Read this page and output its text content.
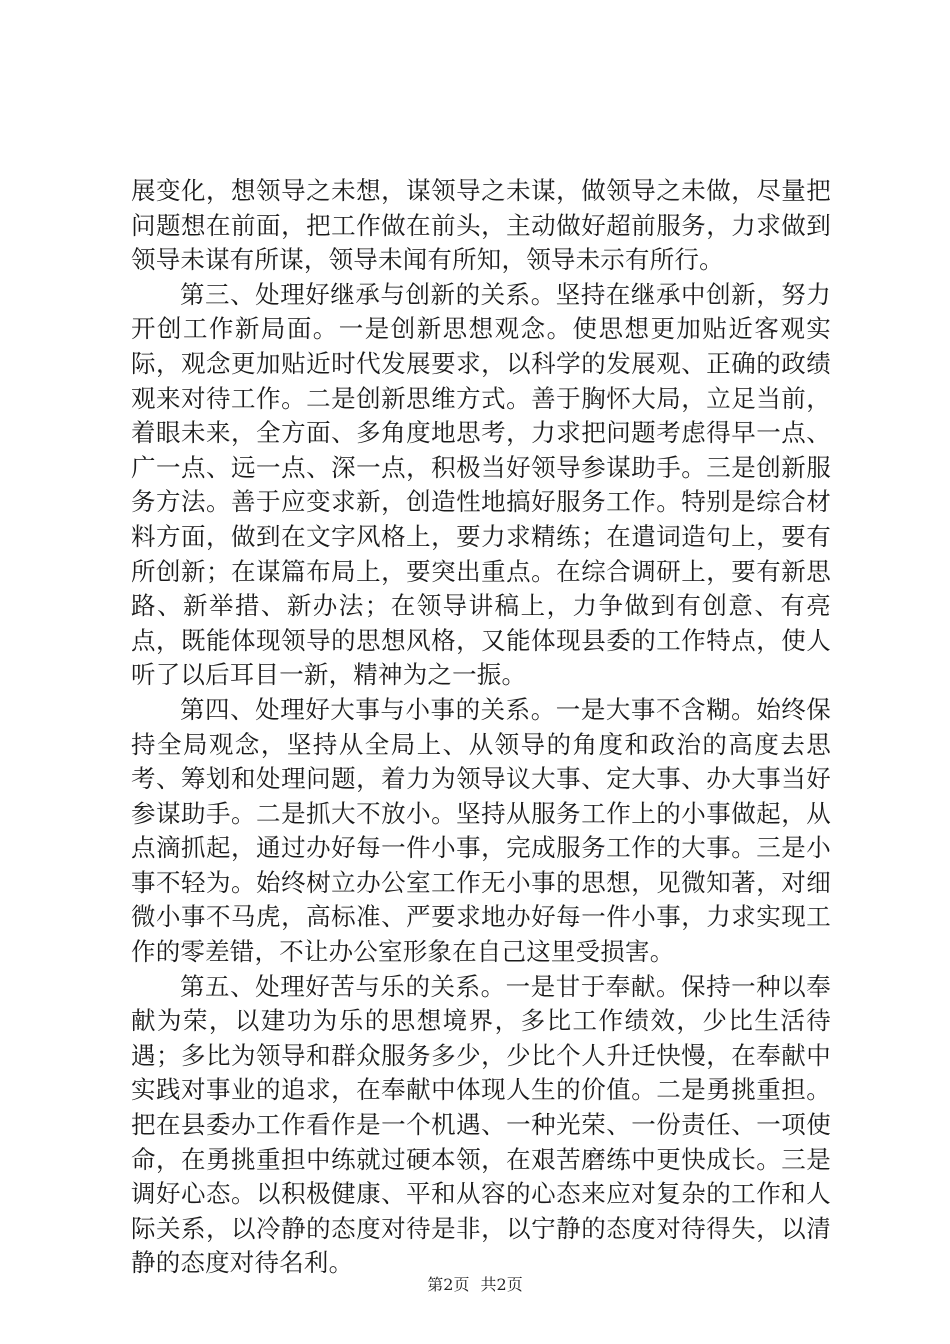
展变化，想领导之未想，谋领导之未谋，做领导之未做，尽量把问题想在前面，把工作做在前头，主动做好超前服务，力求做到领导未谋有所谋，领导未闻有所知，领导未示有所行。

第三、处理好继承与创新的关系。坚持在继承中创新，努力开创工作新局面。一是创新思想观念。使思想更加贴近客观实际，观念更加贴近时代发展要求，以科学的发展观、正确的政绩观来对待工作。二是创新思维方式。善于胸怀大局，立足当前，着眼未来，全方面、多角度地思考，力求把问题考虑得早一点、广一点、远一点、深一点，积极当好领导参谋助手。三是创新服务方法。善于应变求新，创造性地搞好服务工作。特别是综合材料方面，做到在文字风格上，要力求精练；在遣词造句上，要有所创新；在谋篇布局上，要突出重点。在综合调研上，要有新思路、新举措、新办法；在领导讲稿上，力争做到有创意、有亮点，既能体现领导的思想风格，又能体现县委的工作特点，使人听了以后耳目一新，精神为之一振。

第四、处理好大事与小事的关系。一是大事不含糊。始终保持全局观念，坚持从全局上、从领导的角度和政治的高度去思考、筹划和处理问题，着力为领导议大事、定大事、办大事当好参谋助手。二是抓大不放小。坚持从服务工作上的小事做起，从点滴抓起，通过办好每一件小事，完成服务工作的大事。三是小事不轻为。始终树立办公室工作无小事的思想，见微知著，对细微小事不马虎，高标准、严要求地办好每一件小事，力求实现工作的零差错，不让办公室形象在自己这里受损害。

第五、处理好苦与乐的关系。一是甘于奉献。保持一种以奉献为荣，以建功为乐的思想境界，多比工作绩效，少比生活待遇；多比为领导和群众服务多少，少比个人升迁快慢，在奉献中实践对事业的追求，在奉献中体现人生的价值。二是勇挑重担。把在县委办工作看作是一个机遇、一种光荣、一份责任、一项使命，在勇挑重担中练就过硬本领，在艰苦磨练中更快成长。三是调好心态。以积极健康、平和从容的心态来应对复杂的工作和人际关系，以冷静的态度对待是非，以宁静的态度对待得失，以清静的态度对待名利。

第2页 共2页
